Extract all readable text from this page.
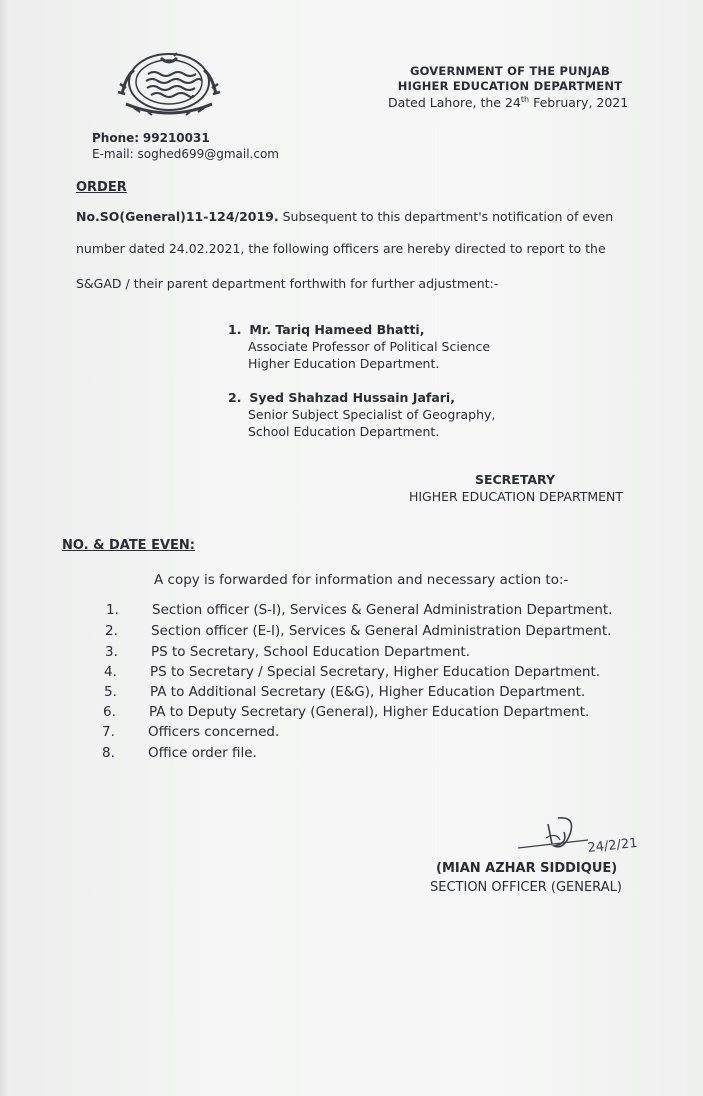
GOVERNMENT OF THE PUNJAB
HIGHER EDUCATION DEPARTMENT
Dated Lahore, the 24th February, 2021
Phone: 99210031
E-mail: soghed699@gmail.com
ORDER
No.SO(General)11-124/2019. Subsequent to this department's notification of even
number dated 24.02.2021, the following officers are hereby directed to report to the
S&GAD / their parent department forthwith for further adjustment:-
1. Mr. Tariq Hameed Bhatti,
Associate Professor of Political Science
Higher Education Department.
2. Syed Shahzad Hussain Jafari,
Senior Subject Specialist of Geography,
School Education Department.
SECRETARY
HIGHER EDUCATION DEPARTMENT
NO. & DATE EVEN:
A copy is forwarded for information and necessary action to:-
1. Section officer (S-I), Services & General Administration Department.
2. Section officer (E-I), Services & General Administration Department.
3. PS to Secretary, School Education Department.
4. PS to Secretary / Special Secretary, Higher Education Department.
5. PA to Additional Secretary (E&G), Higher Education Department.
6. PA to Deputy Secretary (General), Higher Education Department.
7. Officers concerned.
8. Office order file.
24/2/21
(MIAN AZHAR SIDDIQUE)
SECTION OFFICER (GENERAL)
